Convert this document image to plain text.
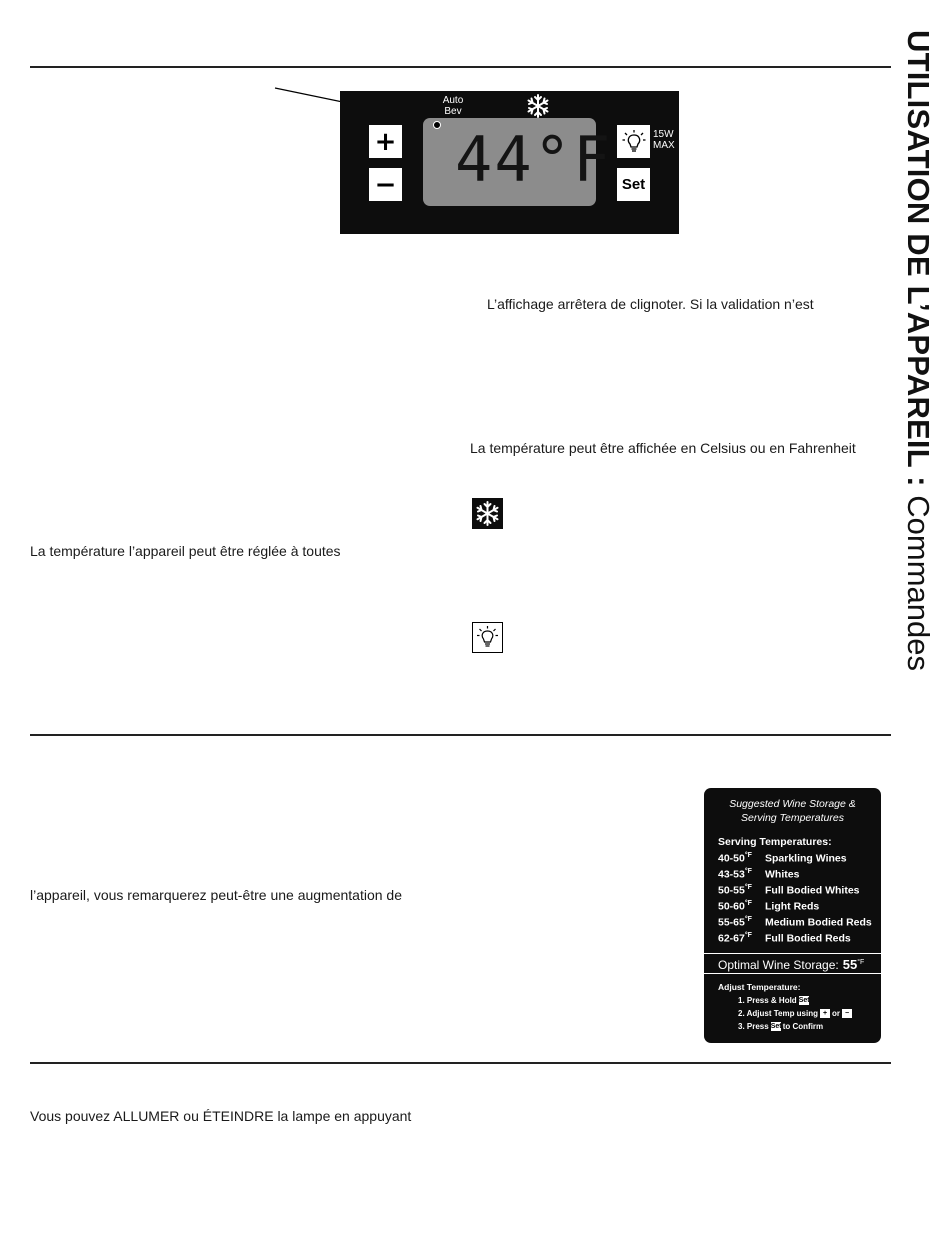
UTILISATION DE L’APPAREIL : Commandes
+
− 44°F
Auto
Bev
15W
MAX
Set
L’affichage arrêtera de clignoter. Si la validation n’est
La température peut être affichée en Celsius ou en Fahrenheit
La température l’appareil peut être réglée à toutes
l’appareil, vous remarquerez peut-être une augmentation de
Vous pouvez ALLUMER ou ÉTEINDRE la lampe en appuyant
Suggested Wine Storage &
Serving Temperatures
Serving Temperatures:
$40-50^{^\circ F}$ Sparkling Wines
$43-53^{^\circ F}$ Whites
$50-55^{^\circ F}$ Full Bodied Whites
$50-60^{^\circ F}$ Light Reds
$55-65^{^\circ F}$ Medium Bodied Reds
$62-67^{^\circ F}$ Full Bodied Reds
Optimal Wine Storage: $55^{^\circ F}$
Adjust Temperature:
1. Press & Hold Set
2. Adjust Temp using + or −
3. Press Setto Confirm
